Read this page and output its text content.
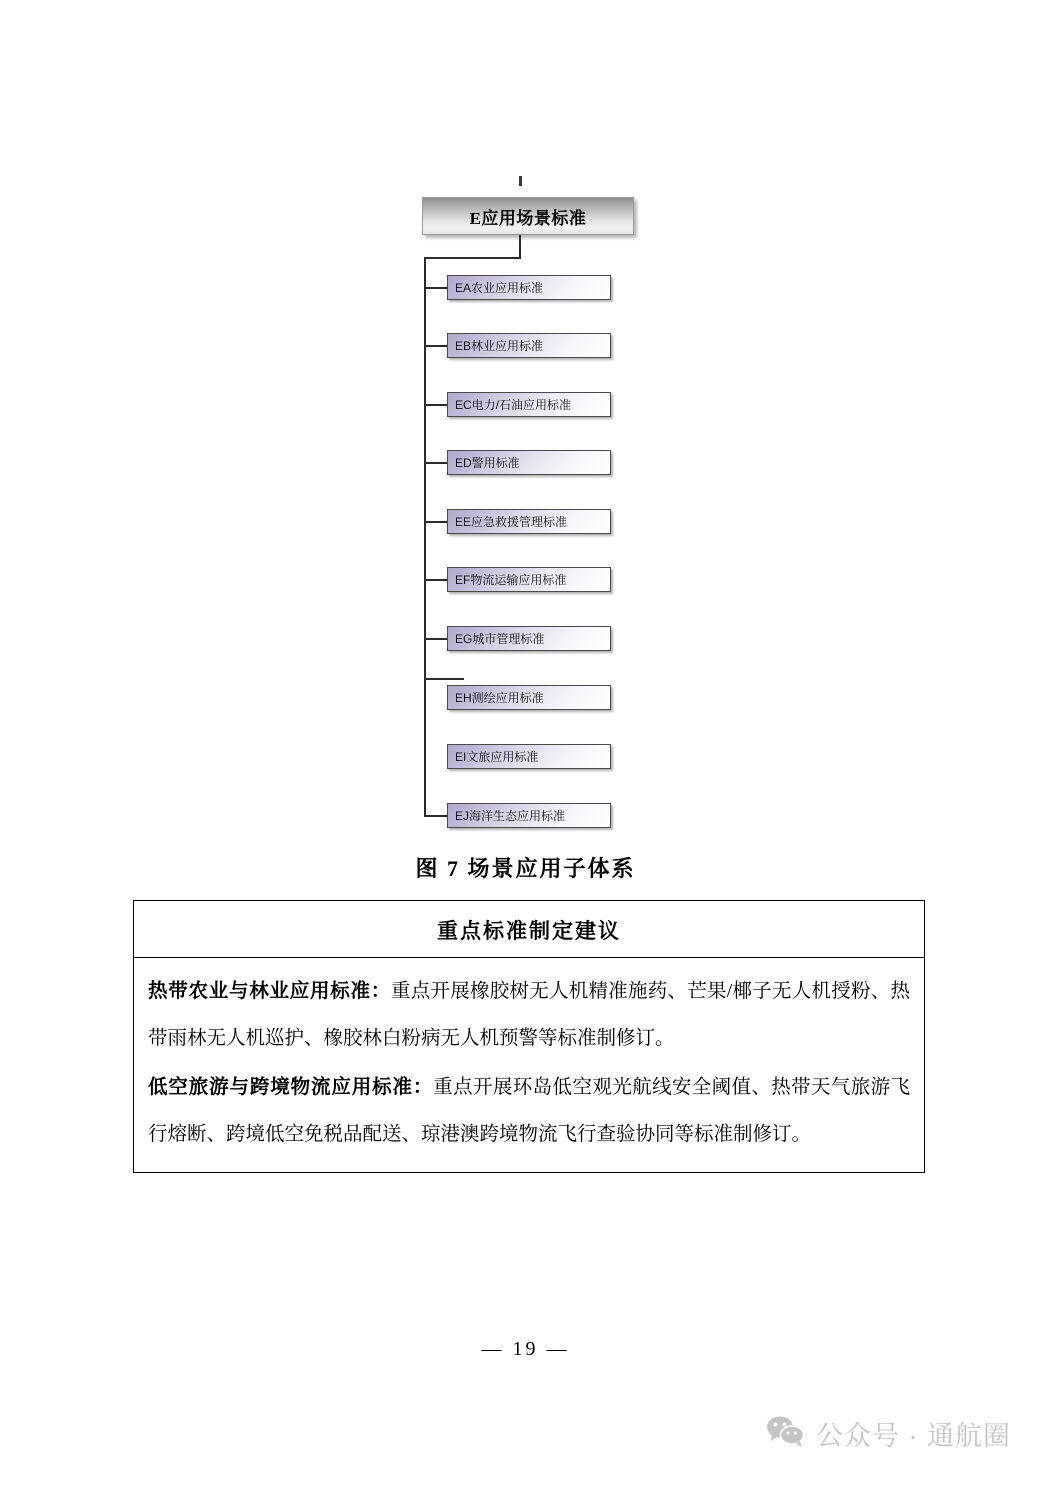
E应用场景标准
EA农业应用标准
EB林业应用标准
EC电力/石油应用标准
ED警用标准
EE应急救援管理标准
EF物流运输应用标准
EG城市管理标准
EH测绘应用标准
EI文旅应用标准
EJ海洋生态应用标准
图 7 场景应用子体系
重点标准制定建议

热带农业与林业应用标准：重点开展橡胶树无人机精准施药、芒果/椰子无人机授粉、热带雨林无人机巡护、橡胶林白粉病无人机预警等标准制修订。

低空旅游与跨境物流应用标准：重点开展环岛低空观光航线安全阈值、热带天气旅游飞行熔断、跨境低空免税品配送、琼港澳跨境物流飞行查验协同等标准制修订。

— 19 —
公众号 · 通航圈
